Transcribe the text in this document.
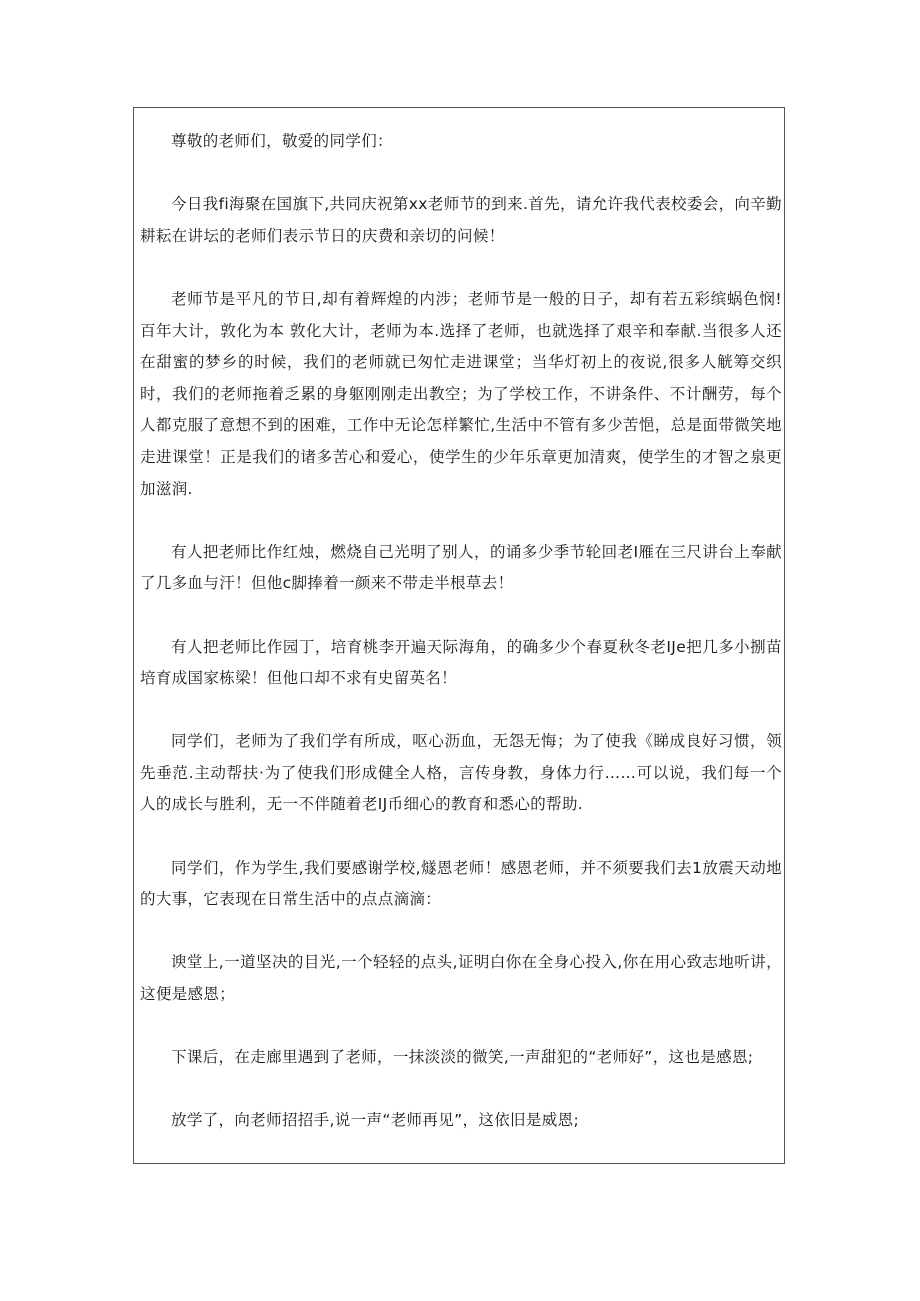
尊敬的老师们，敬爱的同学们：

今日我fi海聚在国旗下,共同庆祝第xx老师节的到来.首先，请允许我代表校委会，向辛勤耕耘在讲坛的老师们表示节日的庆费和亲切的问候！

老师节是平凡的节日,却有着辉煌的内涉；老师节是一般的日子，却有若五彩缤蜗色悯!百年大计，敦化为本 敦化大计，老师为本.选择了老师，也就选择了艰辛和奉献.当很多人还在甜蜜的梦乡的时候，我们的老师就已匆忙走进课堂；当华灯初上的夜说,很多人觥筹交织时，我们的老师拖着乏累的身躯刚刚走出教空；为了学校工作，不讲条件、不计酬劳，每个人都克服了意想不到的困难，工作中无论怎样繁忙,生活中不管有多少苦悒，总是面带微笑地走进课堂！正是我们的诸多苦心和爱心，使学生的少年乐章更加清爽，使学生的才智之泉更加滋润.

有人把老师比作红烛，燃烧自己光明了别人，的诵多少季节轮回老I雁在三尺讲台上奉献了几多血与汗！但他c脚捧着一颜来不带走半根草去！

有人把老师比作园丁，培育桃李开遍天际海角，的确多少个春夏秋冬老IJe把几多小捌苗培育成国家栋梁！但他口却不求有史留英名！

同学们，老师为了我们学有所成，呕心沥血，无怨无悔；为了使我《睇成良好习惯，领先垂范.主动帮扶·为了使我们形成健全人格，言传身教，身体力行……可以说，我们每一个人的成长与胜利，无一不伴随着老IJ币细心的教育和悉心的帮助.

同学们，作为学生,我们要感谢学校,燧恩老师！感恩老师，并不须要我们去1放震天动地的大事，它表现在日常生活中的点点滴滴：

谀堂上,一道坚决的目光,一个轻轻的点头,证明白你在全身心投入,你在用心致志地听讲，这便是感恩；

下课后，在走廊里遇到了老师，一抹淡淡的微笑,一声甜犯的“老师好”，这也是感恩;

放学了，向老师招招手,说一声“老师再见”，这依旧是威恩;
